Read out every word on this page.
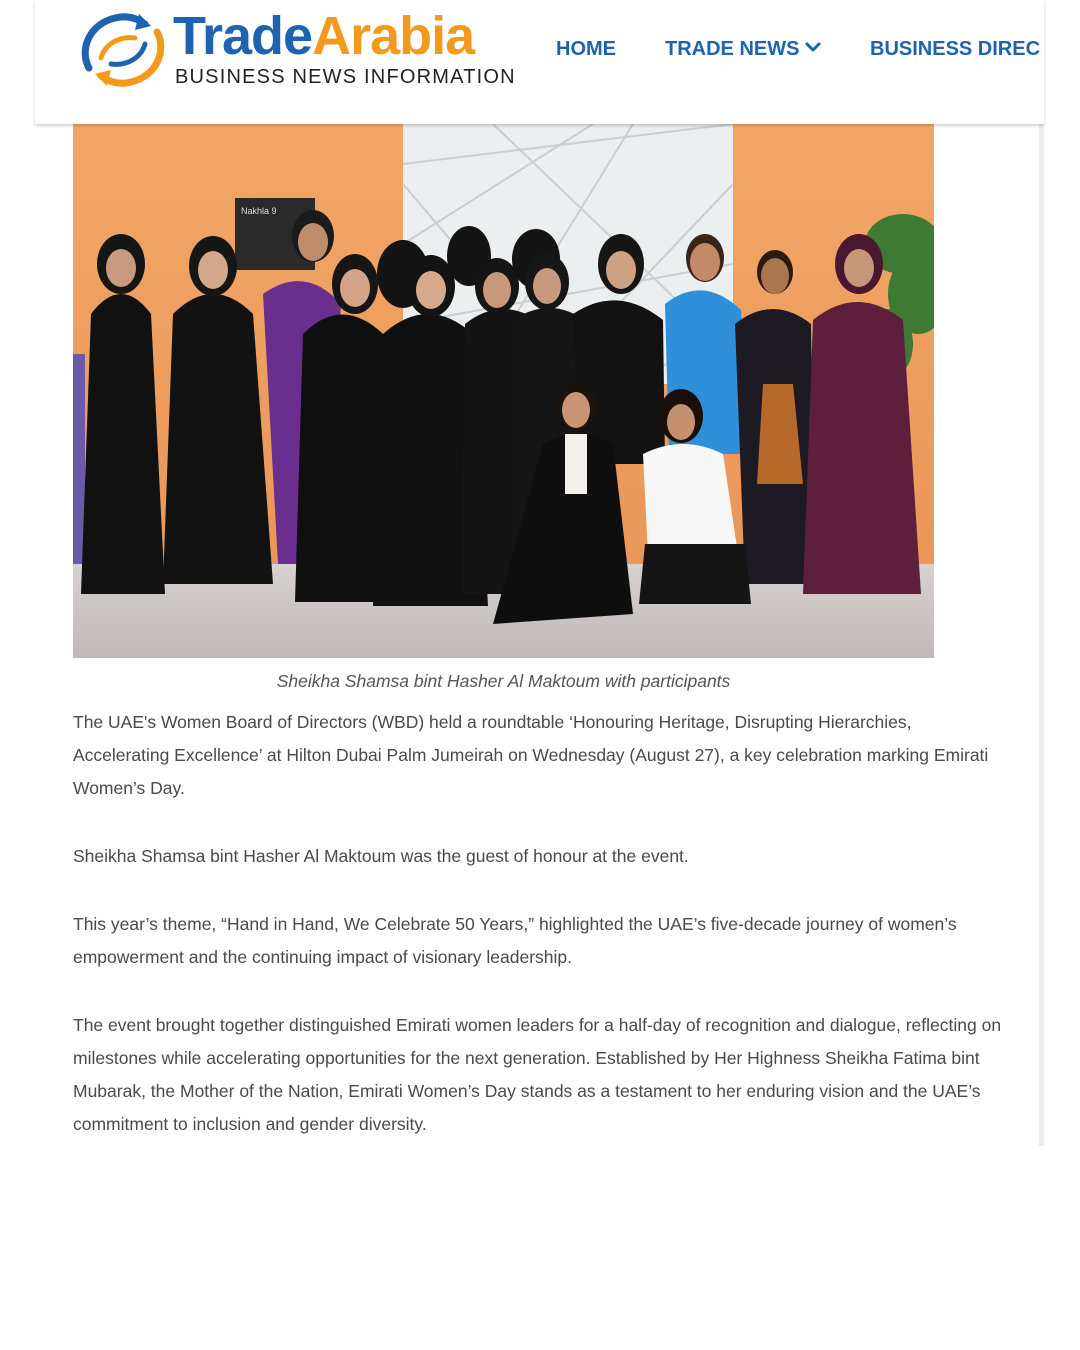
TradeArabia
BUSINESS NEWS INFORMATION
HOME TRADE NEWS	BUSINESS DIREC
Nakhla 9
Sheikha Shamsa bint Hasher Al Maktoum with participants

The UAE's Women Board of Directors (WBD) held a roundtable ‘Honouring Heritage, Disrupting Hierarchies, Accelerating Excellence’ at Hilton Dubai Palm Jumeirah on Wednesday (August 27), a key celebration marking Emirati Women’s Day.

Sheikha Shamsa bint Hasher Al Maktoum was the guest of honour at the event.

This year’s theme, “Hand in Hand, We Celebrate 50 Years,” highlighted the UAE’s five-decade journey of women’s empowerment and the continuing impact of visionary leadership.

The event brought together distinguished Emirati women leaders for a half-day of recognition and dialogue, reflecting on milestones while accelerating opportunities for the next generation. Established by Her Highness Sheikha Fatima bint Mubarak, the Mother of the Nation, Emirati Women’s Day stands as a testament to her enduring vision and the UAE’s commitment to inclusion and gender diversity.
